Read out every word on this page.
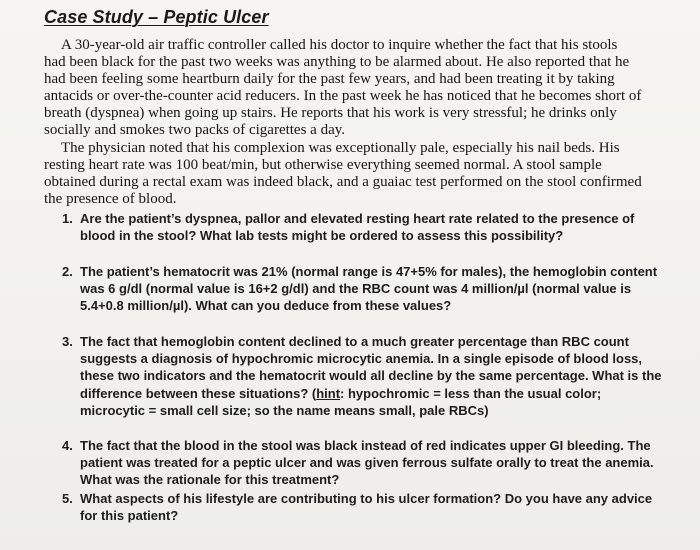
Case Study – Peptic Ulcer

A 30-year-old air traffic controller called his doctor to inquire whether the fact that his stools had been black for the past two weeks was anything to be alarmed about. He also reported that he had been feeling some heartburn daily for the past few years, and had been treating it by taking antacids or over-the-counter acid reducers. In the past week he has noticed that he becomes short of breath (dyspnea) when going up stairs. He reports that his work is very stressful; he drinks only socially and smokes two packs of cigarettes a day.

The physician noted that his complexion was exceptionally pale, especially his nail beds. His resting heart rate was 100 beat/min, but otherwise everything seemed normal. A stool sample obtained during a rectal exam was indeed black, and a guaiac test performed on the stool confirmed the presence of blood.

1. Are the patient’s dyspnea, pallor and elevated resting heart rate related to the presence of blood in the stool? What lab tests might be ordered to assess this possibility?
2. The patient’s hematocrit was 21% (normal range is 47+5% for males), the hemoglobin content was 6 g/dl (normal value is 16+2 g/dl) and the RBC count was 4 million/µl (normal value is 5.4+0.8 million/µl). What can you deduce from these values?
3. The fact that hemoglobin content declined to a much greater percentage than RBC count suggests a diagnosis of hypochromic microcytic anemia. In a single episode of blood loss, these two indicators and the hematocrit would all decline by the same percentage. What is the difference between these situations? (hint: hypochromic = less than the usual color; microcytic = small cell size; so the name means small, pale RBCs)
4. The fact that the blood in the stool was black instead of red indicates upper GI bleeding. The patient was treated for a peptic ulcer and was given ferrous sulfate orally to treat the anemia. What was the rationale for this treatment?
5. What aspects of his lifestyle are contributing to his ulcer formation? Do you have any advice for this patient?
